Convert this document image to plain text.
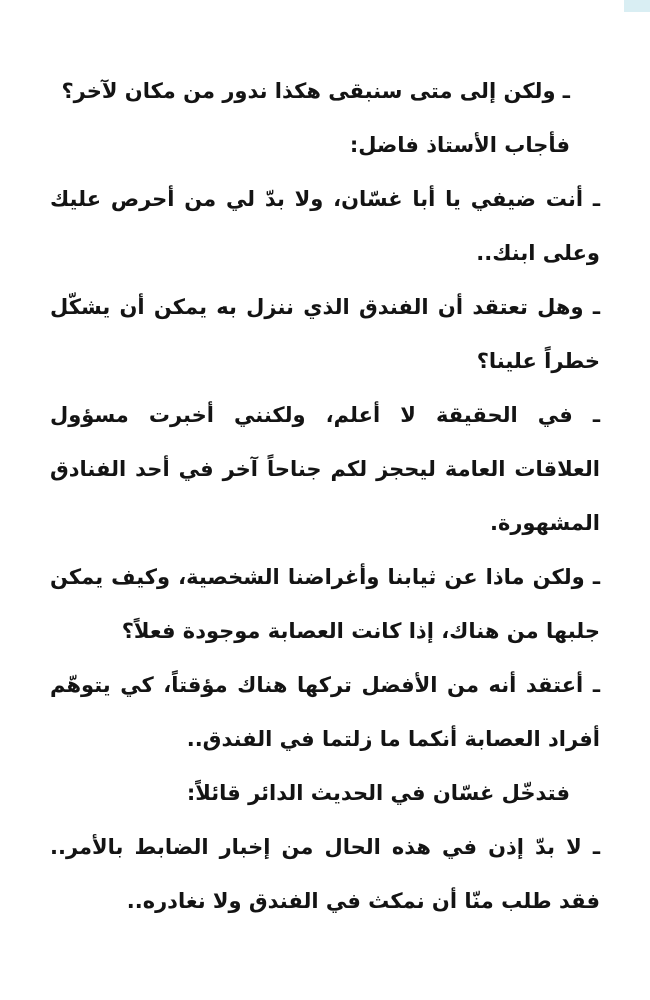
ـ ولكن إلى متى سنبقى هكذا ندور من مكان لآخر؟

فأجاب الأستاذ فاضل:

ـ أنت ضيفي يا أبا غسّان، ولا بدّ لي من أحرص عليك وعلى ابنك..

ـ وهل تعتقد أن الفندق الذي ننزل به يمكن أن يشكّل خطراً علينا؟

ـ في الحقيقة لا أعلم، ولكنني أخبرت مسؤول العلاقات العامة ليحجز لكم جناحاً آخر في أحد الفنادق المشهورة.

ـ ولكن ماذا عن ثيابنا وأغراضنا الشخصية، وكيف يمكن جلبها من هناك، إذا كانت العصابة موجودة فعلاً؟

ـ أعتقد أنه من الأفضل تركها هناك مؤقتاً، كي يتوهّم أفراد العصابة أنكما ما زلتما في الفندق..

فتدخّل غسّان في الحديث الدائر قائلاً:

ـ لا بدّ إذن في هذه الحال من إخبار الضابط بالأمر.. فقد طلب منّا أن نمكث في الفندق ولا نغادره..
